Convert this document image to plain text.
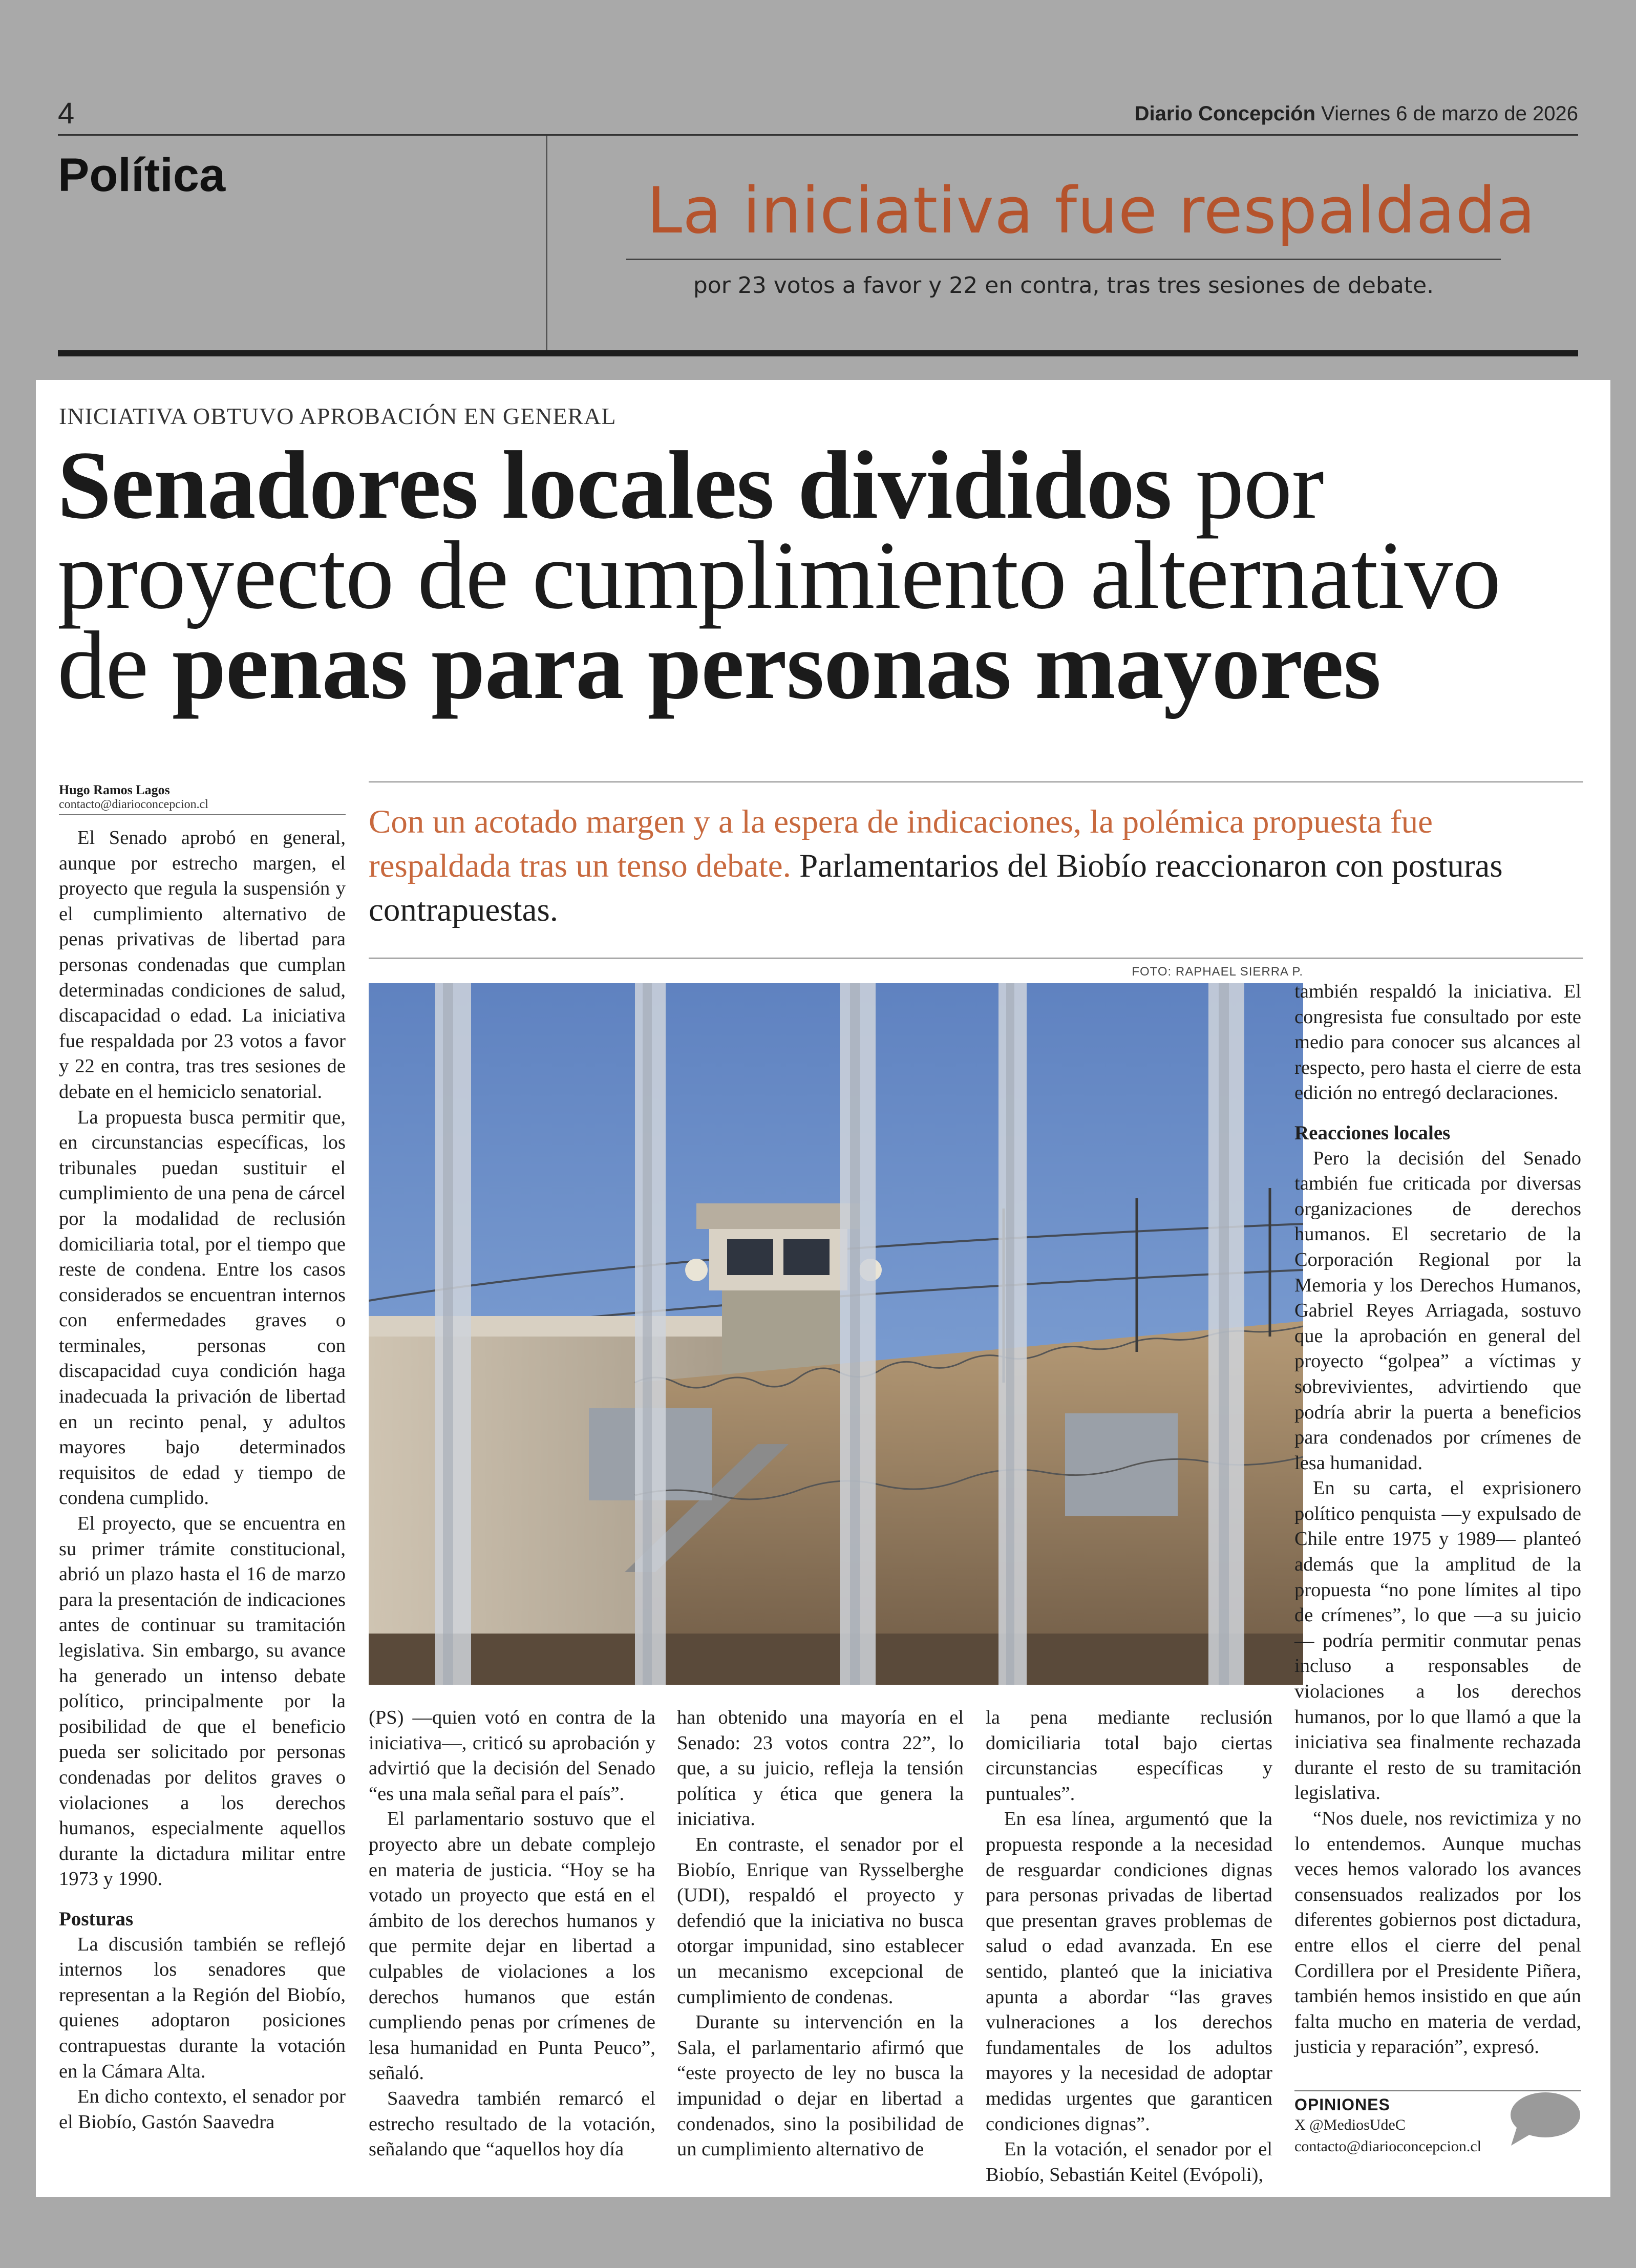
4	Diario Concepción Viernes 6 de marzo de 2026
Política	La iniciativa fue respaldada
por 23 votos a favor y 22 en contra, tras tres sesiones de debate.
INICIATIVA OBTUVO APROBACIÓN EN GENERAL
Senadores locales divididos por
proyecto de cumplimiento alternativo
de penas para personas mayores
Hugo Ramos Lagos
contacto@diarioconcepcion.cl	Con un acotado margen y a la espera de indicaciones, la polémica propuesta fue respaldada tras un tenso debate. Parlamentarios del Biobío reaccionaron con posturas contrapuestas.
FOTO: RAPHAEL SIERRA P.

El Senado aprobó en general, aunque por estrecho margen, el proyecto que regula la suspensión y el cumplimiento alternativo de penas privativas de libertad para personas condenadas que cumplan determinadas condiciones de salud, discapacidad o edad. La iniciativa fue respaldada por 23 votos a favor y 22 en contra, tras tres sesiones de debate en el hemiciclo senatorial.

La propuesta busca permitir que, en circunstancias específicas, los tribunales puedan sustituir el cumplimiento de una pena de cárcel por la modalidad de reclusión domiciliaria total, por el tiempo que reste de condena. Entre los casos considerados se encuentran internos con enfermedades graves o terminales, personas con discapacidad cuya condición haga inadecuada la privación de libertad en un recinto penal, y adultos mayores bajo determinados requisitos de edad y tiempo de condena cumplido.

El proyecto, que se encuentra en su primer trámite constitucional, abrió un plazo hasta el 16 de marzo para la presentación de indicaciones antes de continuar su tramitación legislativa. Sin embargo, su avance ha generado un intenso debate político, principalmente por la posibilidad de que el beneficio pueda ser solicitado por personas condenadas por delitos graves o violaciones a los derechos humanos, especialmente aquellos durante la dictadura militar entre 1973 y 1990.

Posturas

La discusión también se reflejó internos los senadores que representan a la Región del Biobío, quienes adoptaron posiciones contrapuestas durante la votación en la Cámara Alta.

En dicho contexto, el senador por el Biobío, Gastón Saavedra

(PS) —quien votó en contra de la iniciativa—, criticó su aprobación y advirtió que la decisión del Senado “es una mala señal para el país”.

El parlamentario sostuvo que el proyecto abre un debate complejo en materia de justicia. “Hoy se ha votado un proyecto que está en el ámbito de los derechos humanos y que permite dejar en libertad a culpables de violaciones a los derechos humanos que están cumpliendo penas por crímenes de lesa humanidad en Punta Peuco”, señaló.

Saavedra también remarcó el estrecho resultado de la votación, señalando que “aquellos hoy día

han obtenido una mayoría en el Senado: 23 votos contra 22”, lo que, a su juicio, refleja la tensión política y ética que genera la iniciativa.

En contraste, el senador por el Biobío, Enrique van Rysselberghe (UDI), respaldó el proyecto y defendió que la iniciativa no busca otorgar impunidad, sino establecer un mecanismo excepcional de cumplimiento de condenas.

Durante su intervención en la Sala, el parlamentario afirmó que “este proyecto de ley no busca la impunidad o dejar en libertad a condenados, sino la posibilidad de un cumplimiento alternativo de

la pena mediante reclusión domiciliaria total bajo ciertas circunstancias específicas y puntuales”.

En esa línea, argumentó que la propuesta responde a la necesidad de resguardar condiciones dignas para personas privadas de libertad que presentan graves problemas de salud o edad avanzada. En ese sentido, planteó que la iniciativa apunta a abordar “las graves vulneraciones a los derechos fundamentales de los adultos mayores y la necesidad de adoptar medidas urgentes que garanticen condiciones dignas”.

En la votación, el senador por el Biobío, Sebastián Keitel (Evópoli),

también respaldó la iniciativa. El congresista fue consultado por este medio para conocer sus alcances al respecto, pero hasta el cierre de esta edición no entregó declaraciones.

Reacciones locales

Pero la decisión del Senado también fue criticada por diversas organizaciones de derechos humanos. El secretario de la Corporación Regional por la Memoria y los Derechos Humanos, Gabriel Reyes Arriagada, sostuvo que la aprobación en general del proyecto “golpea” a víctimas y sobrevivientes, advirtiendo que podría abrir la puerta a beneficios para condenados por crímenes de lesa humanidad.

En su carta, el exprisionero político penquista —y expulsado de Chile entre 1975 y 1989— planteó además que la amplitud de la propuesta “no pone límites al tipo de crímenes”, lo que —a su juicio— podría permitir conmutar penas incluso a responsables de violaciones a los derechos humanos, por lo que llamó a que la iniciativa sea finalmente rechazada durante el resto de su tramitación legislativa.

“Nos duele, nos revictimiza y no lo entendemos. Aunque muchas veces hemos valorado los avances consensuados realizados por los diferentes gobiernos post dictadura, entre ellos el cierre del penal Cordillera por el Presidente Piñera, también hemos insistido en que aún falta mucho en materia de verdad, justicia y reparación”, expresó.

OPINIONES
X @MediosUdeC
contacto@diarioconcepcion.cl
